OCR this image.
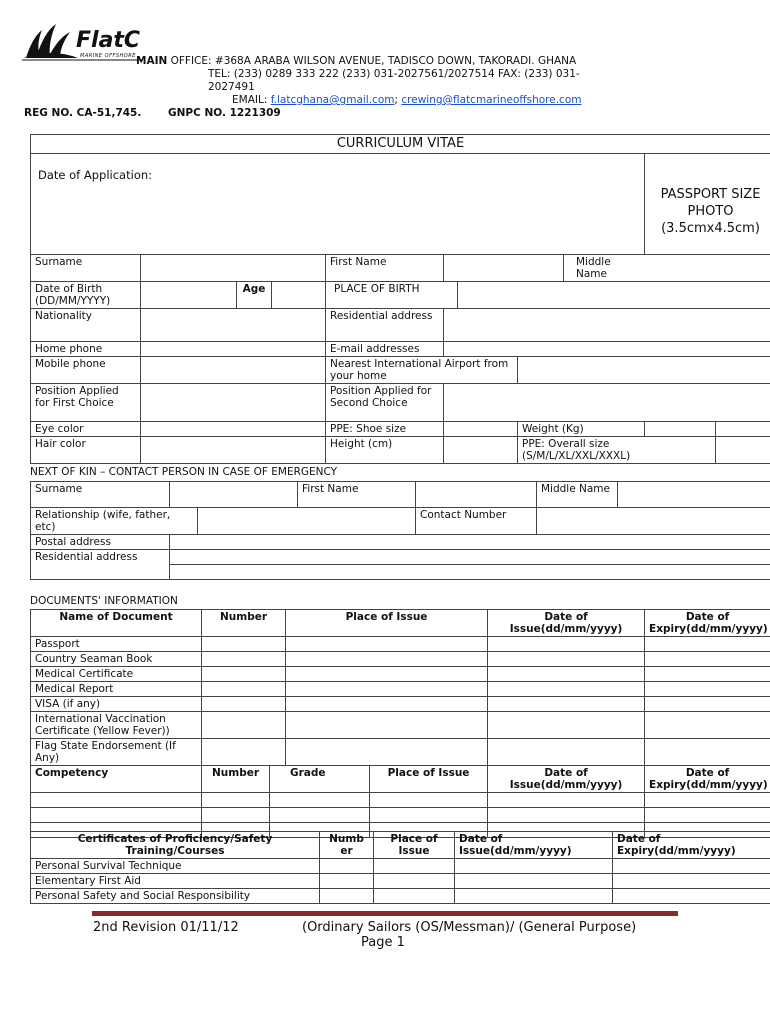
FlatC
MARINE OFFSHORE MAIN OFFICE: #368A ARABA WILSON AVENUE, TADISCO DOWN, TAKORADI. GHANA
TEL: (233) 0289 333 222 (233) 031-2027561/2027514 FAX: (233) 031-
2027491
EMAIL: f.latcghana@gmail.com; crewing@flatcmarineoffshore.com
REG NO. CA-51,745.	GNPC NO. 1221309
CURRICULUM VITAE										
Date of Application:									PASSPORT SIZE PHOTO (3.5cmx4.5cm)	
Surname				First Name				Middle Name		
Date of Birth (DD/MM/YYYY)		Age		PLACE OF BIRTH						
Nationality				Residential address						
Home phone				E-mail addresses						
Mobile phone				Nearest International Airport from your home						
Position Applied for First Choice				Position Applied for Second Choice						
Eye color				PPE: Shoe size			Weight (Kg)			
Hair color				Height (cm)			PPE: Overall size (S/M/L/XL/XXL/XXXL)			
NEXT OF KIN – CONTACT PERSON IN CASE OF EMERGENCY
Surname			First Name		Middle Name	
Relationship (wife, father, etc)				Contact Number		
Postal address						
Residential address						

DOCUMENTS' INFORMATION
Name of Document	Number		Place of Issue		Date of Issue(dd/mm/yyyy)	Date of Expiry(dd/mm/yyyy)
Passport						
Country Seaman Book						
Medical Certificate						
Medical Report						
VISA (if any)						
International Vaccination Certificate (Yellow Fever))						
Flag State Endorsement (If Any)						
Competency	Number	Grade		Place of Issue	Date of Issue(dd/mm/yyyy)	Date of Expiry(dd/mm/yyyy)

Certificates of Proficiency/Safety Training/Courses	Numb er	Place of Issue	Date of Issue(dd/mm/yyyy)	Date of Expiry(dd/mm/yyyy)
Personal Survival Technique				
Elementary First Aid				
Personal Safety and Social Responsibility				
2nd Revision 01/11/12	(Ordinary Sailors (OS/Messman)/ (General Purpose)
Page 1
